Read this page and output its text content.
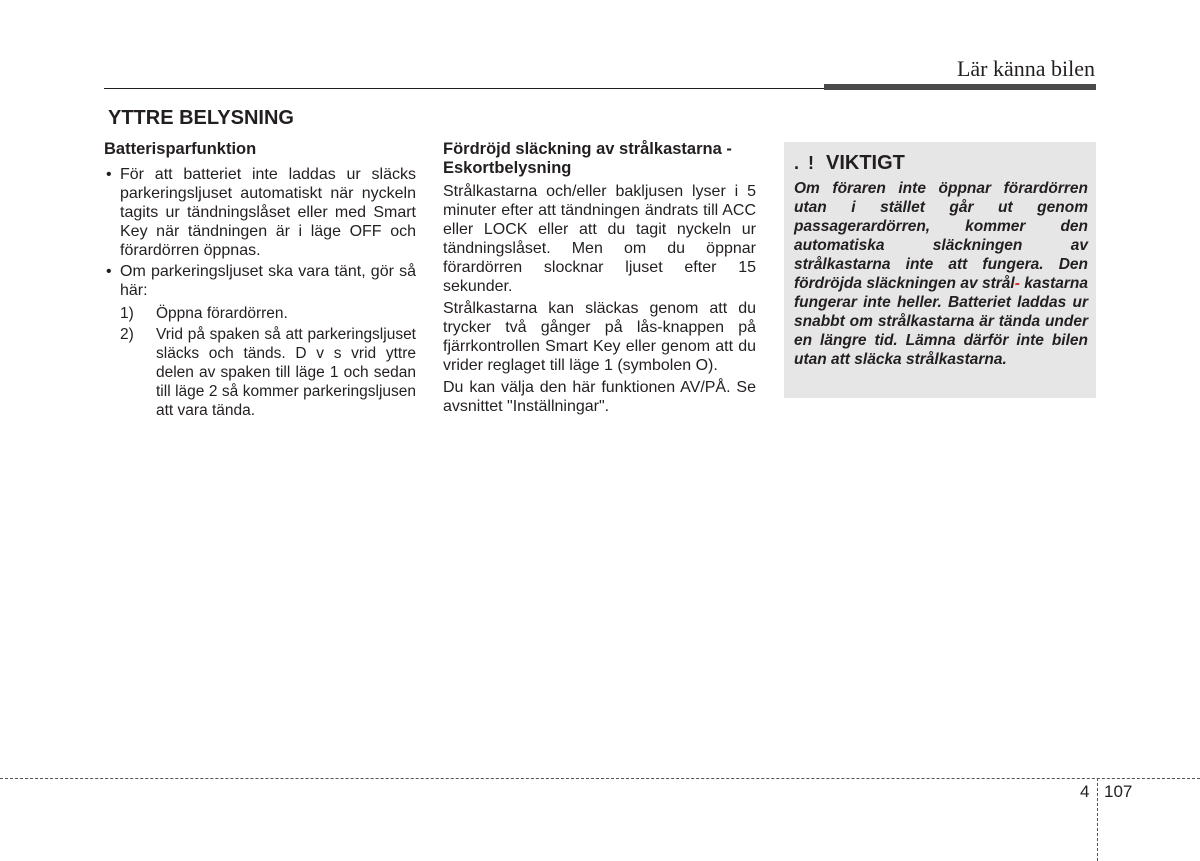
Lär känna bilen
YTTRE BELYSNING
Batterisparfunktion
• För att batteriet inte laddas ur släcks parkeringsljuset automatiskt när nyckeln tagits ur tändningslåset eller med Smart Key när tändningen är i läge OFF och förardörren öppnas.
• Om parkeringsljuset ska vara tänt, gör så här:
1) Öppna förardörren.
2) Vrid på spaken så att parkeringsljuset släcks och tänds. D v s vrid yttre delen av spaken till läge 1 och sedan till läge 2 så kommer parkeringsljusen att vara tända.
Fördröjd släckning av strålkastarna - Eskortbelysning

Strålkastarna och/eller bakljusen lyser i 5 minuter efter att tändningen ändrats till ACC eller LOCK eller att du tagit nyckeln ur tändningslåset. Men om du öppnar förardörren slocknar ljuset efter 15 sekunder.

Strålkastarna kan släckas genom att du trycker två gånger på lås-knappen på fjärrkontrollen Smart Key eller genom att du vrider reglaget till läge 1 (symbolen O).

Du kan välja den här funktionen AV/PÅ. Se avsnittet "Inställningar".

. ! VIKTIGT

Om föraren inte öppnar förardörren utan i stället går ut genom passagerardörren, kommer den automatiska släckningen av strålkastarna inte att fungera. Den fördröjda släckningen av strål- kastarna fungerar inte heller. Batteriet laddas ur snabbt om strålkastarna är tända under en längre tid. Lämna därför inte bilen utan att släcka strålkastarna.

4 107
